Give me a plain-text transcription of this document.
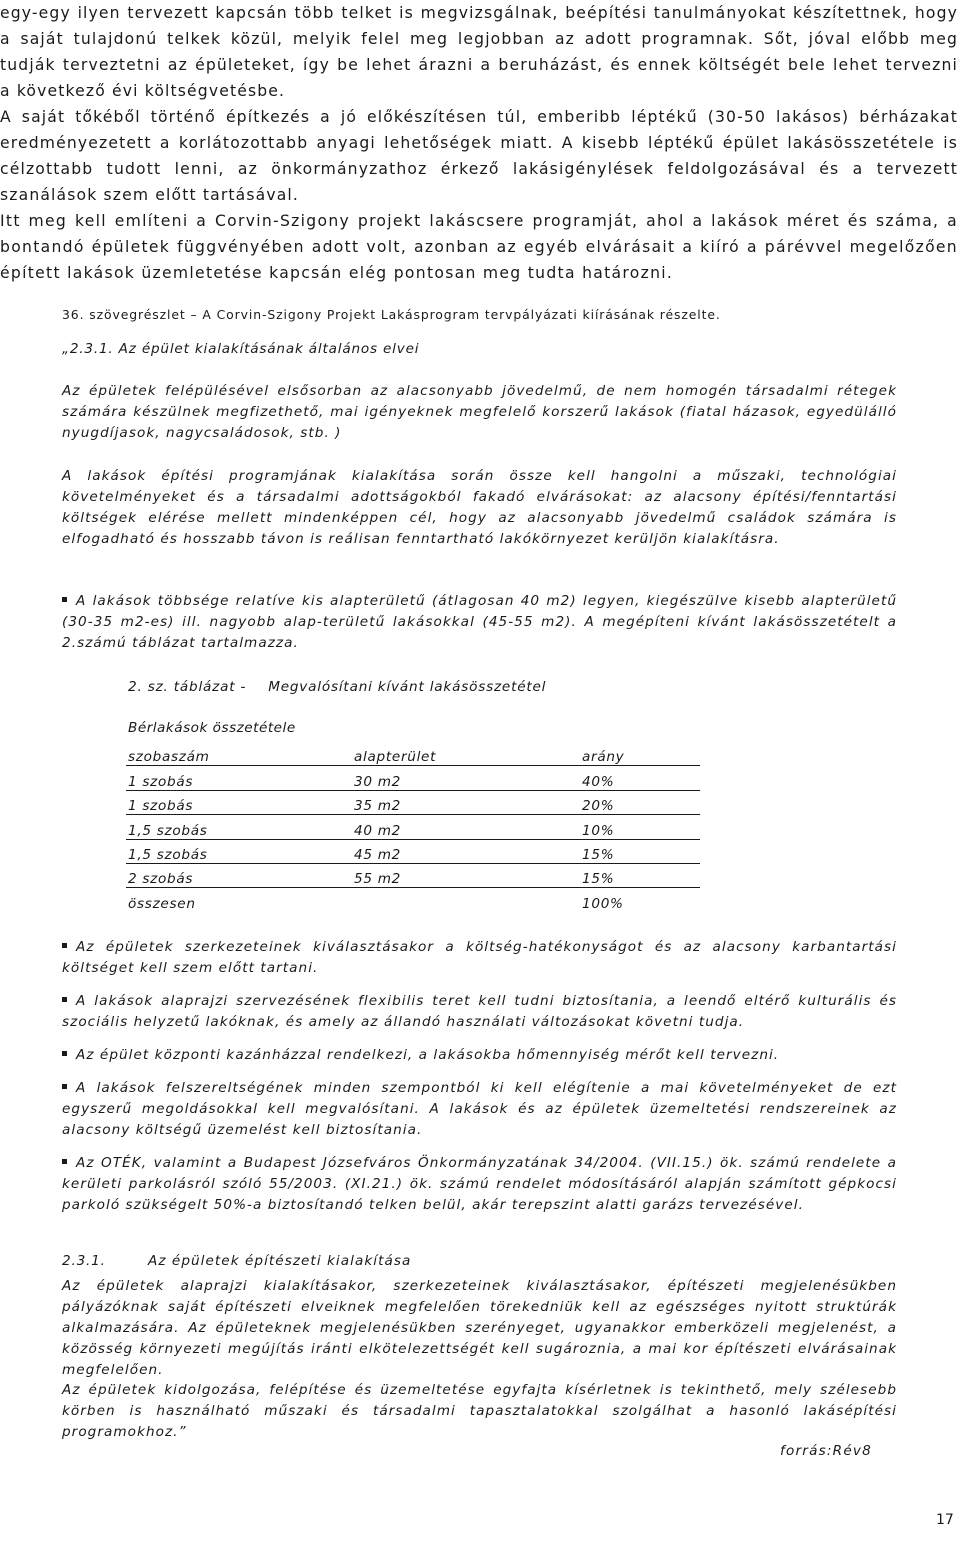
egy-egy ilyen tervezett kapcsán több telket is megvizsgálnak, beépítési tanulmányokat készítettnek, hogy a saját tulajdonú telkek közül, melyik felel meg legjobban az adott programnak. Sőt, jóval előbb meg tudják terveztetni az épületeket, így be lehet árazni a beruházást, és ennek költségét bele lehet tervezni a következő évi költségvetésbe.

A saját tőkéből történő építkezés a jó előkészítésen túl, emberibb léptékű (30-50 lakásos) bérházakat eredményezetett a korlátozottabb anyagi lehetőségek miatt. A kisebb léptékű épület lakásösszetétele is célzottabb tudott lenni, az önkormányzathoz érkező lakásigénylések feldolgozásával és a tervezett szanálások szem előtt tartásával.

Itt meg kell említeni a Corvin-Szigony projekt lakáscsere programját, ahol a lakások méret és száma, a bontandó épületek függvényében adott volt, azonban az egyéb elvárásait a kiíró a párévvel megelőzően épített lakások üzemletetése kapcsán elég pontosan meg tudta határozni.

36. szövegrészlet – A Corvin-Szigony Projekt Lakásprogram tervpályázati kiírásának részelte.
„2.3.1. Az épület kialakításának általános elvei

Az épületek felépülésével elsősorban az alacsonyabb jövedelmű, de nem homogén társadalmi rétegek számára készülnek megfizethető, mai igényeknek megfelelő korszerű lakások (fiatal házasok, egyedülálló nyugdíjasok, nagycsaládosok, stb. )

A lakások építési programjának kialakítása során össze kell hangolni a műszaki, technológiai követelményeket és a társadalmi adottságokból fakadó elvárásokat: az alacsony építési/fenntartási költségek elérése mellett mindenképpen cél, hogy az alacsonyabb jövedelmű családok számára is elfogadható és hosszabb távon is reálisan fenntartható lakókörnyezet kerüljön kialakításra.

A lakások többsége relatíve kis alapterületű (átlagosan 40 m2) legyen, kiegészülve kisebb alapterületű (30-35 m2-es) ill. nagyobb alap-területű lakásokkal (45-55 m2). A megépíteni kívánt lakásösszetételt a 2.számú táblázat tartalmazza.
2. sz. táblázat - Megvalósítani kívánt lakásösszetétel
Bérlakások összetétele
szobaszám	alapterület	arány
1 szobás	30 m2	40%
1 szobás	35 m2	20%
1,5 szobás	40 m2	10%
1,5 szobás	45 m2	15%
2 szobás	55 m2	15%
összesen		100%
Az épületek szerkezeteinek kiválasztásakor a költség-hatékonyságot és az alacsony karbantartási költséget kell szem előtt tartani.
A lakások alaprajzi szervezésének flexibilis teret kell tudni biztosítania, a leendő eltérő kulturális és szociális helyzetű lakóknak, és amely az állandó használati változásokat követni tudja.
Az épület központi kazánházzal rendelkezi, a lakásokba hőmennyiség mérőt kell tervezni.
A lakások felszereltségének minden szempontból ki kell elégítenie a mai követelményeket de ezt egyszerű megoldásokkal kell megvalósítani. A lakások és az épületek üzemeltetési rendszereinek az alacsony költségű üzemelést kell biztosítania.
Az OTÉK, valamint a Budapest Józsefváros Önkormányzatának 34/2004. (VII.15.) ök. számú rendelete a kerületi parkolásról szóló 55/2003. (XI.21.) ök. számú rendelet módosításáról alapján számított gépkocsi parkoló szükségelt 50%-a biztosítandó telken belül, akár terepszint alatti garázs tervezésével.
2.3.1.	Az épületek építészeti kialakítása

Az épületek alaprajzi kialakításakor, szerkezeteinek kiválasztásakor, építészeti megjelenésükben pályázóknak saját építészeti elveiknek megfelelően törekedniük kell az egészséges nyitott struktúrák alkalmazására. Az épületeknek megjelenésükben szerényeget, ugyanakkor emberközeli megjelenést, a közösség környezeti megújítás iránti elkötelezettségét kell sugároznia, a mai kor építészeti elvárásainak megfelelően.

Az épületek kidolgozása, felépítése és üzemeltetése egyfajta kísérletnek is tekinthető, mely szélesebb körben is használható műszaki és társadalmi tapasztalatokkal szolgálhat a hasonló lakásépítési programokhoz.”

forrás:Rév8
17
